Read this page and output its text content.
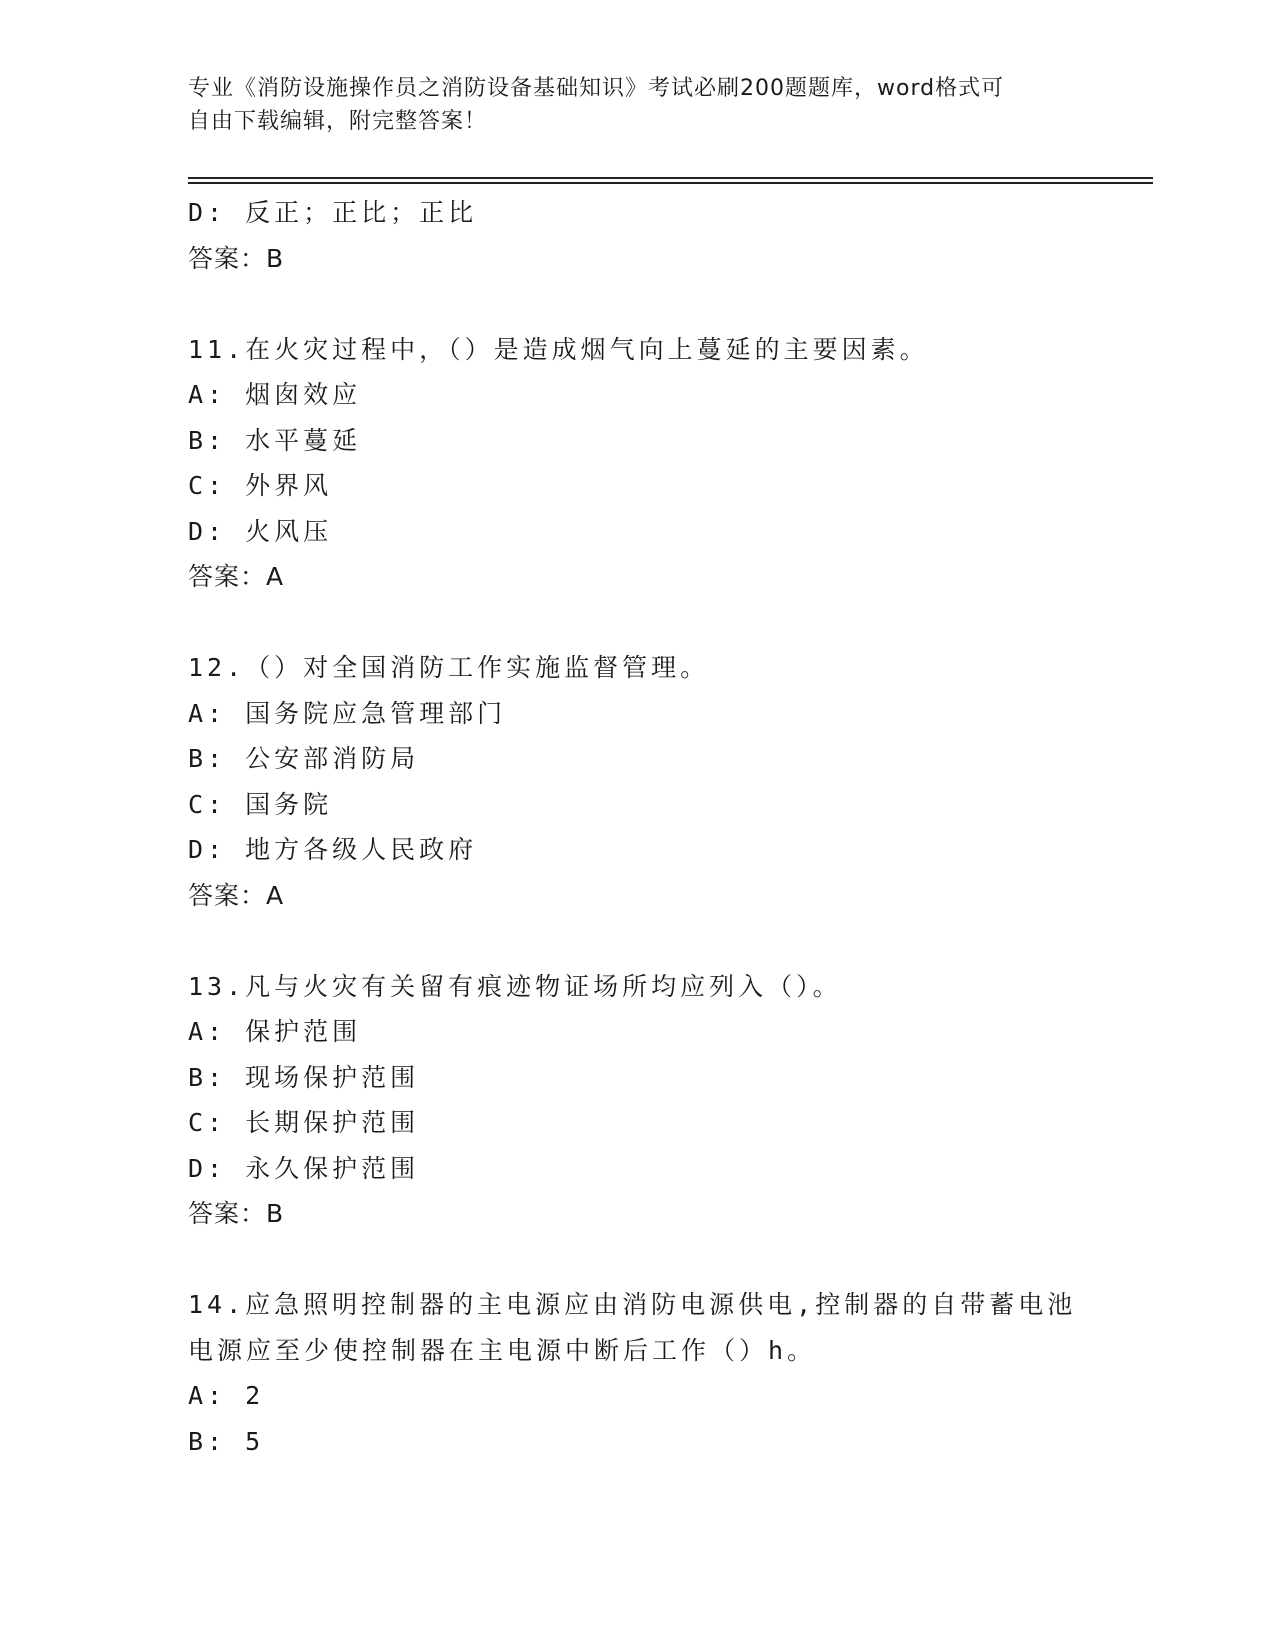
专业《消防设施操作员之消防设备基础知识》考试必刷200题题库，word格式可
自由下载编辑，附完整答案！
D: 反正；正比；正比
答案：B
11.在火灾过程中，（）是造成烟气向上蔓延的主要因素。
A: 烟囱效应
B: 水平蔓延
C: 外界风
D: 火风压
答案：A
12.（）对全国消防工作实施监督管理。
A: 国务院应急管理部门
B: 公安部消防局
C: 国务院
D: 地方各级人民政府
答案：A
13.凡与火灾有关留有痕迹物证场所均应列入（）。
A: 保护范围
B: 现场保护范围
C: 长期保护范围
D: 永久保护范围
答案：B
14.应急照明控制器的主电源应由消防电源供电,控制器的自带蓄电池
电源应至少使控制器在主电源中断后工作（）h。
A: 2
B: 5
